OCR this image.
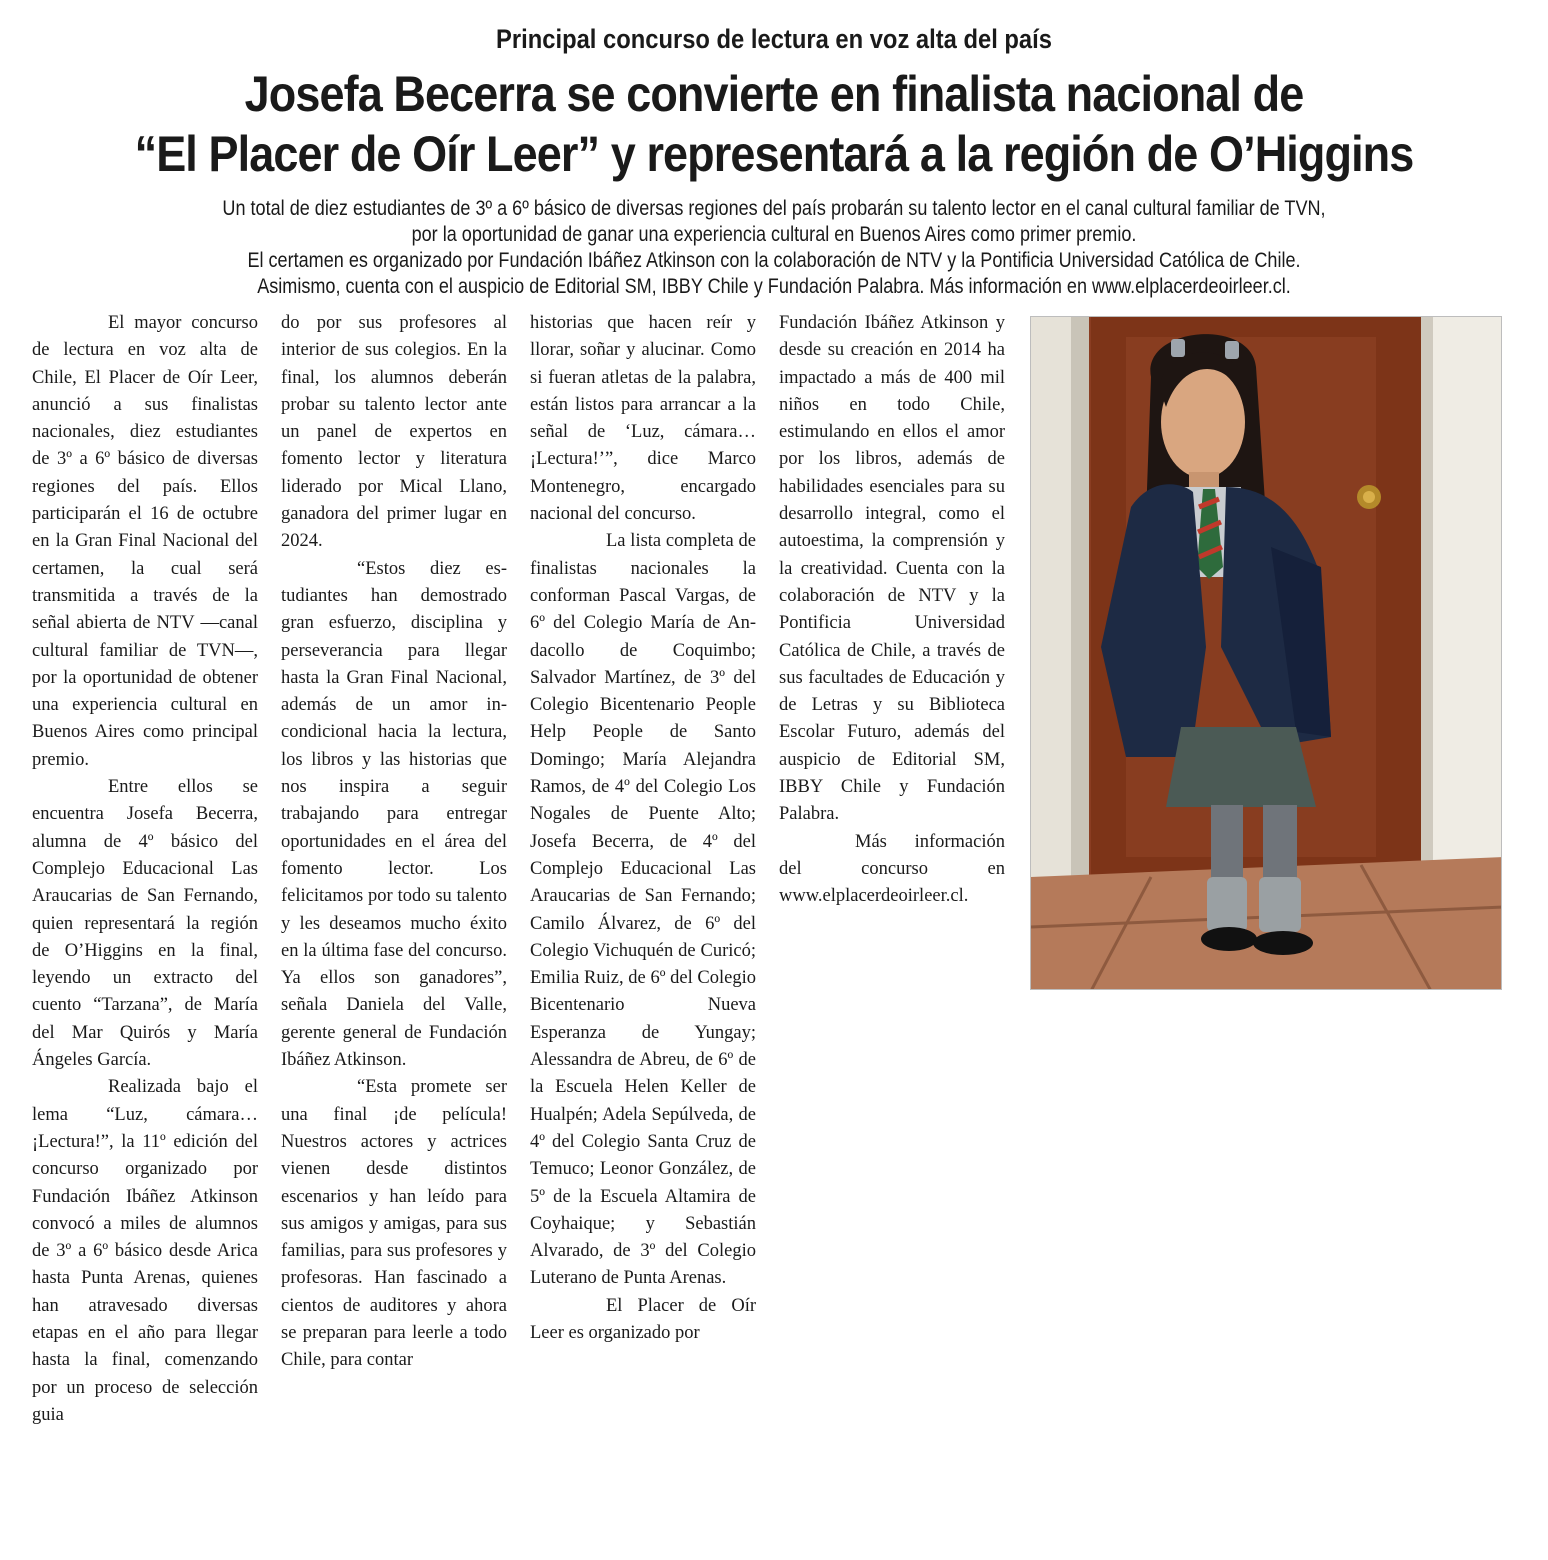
Principal concurso de lectura en voz alta del país
Josefa Becerra se convierte en finalista nacional de
“El Placer de Oír Leer” y representará a la región de O’Higgins
Un total de diez estudiantes de 3º a 6º básico de diversas regiones del país probarán su talento lector en el canal cultural familiar de TVN,
por la oportunidad de ganar una experiencia cultural en Buenos Aires como primer premio.
El certamen es organizado por Fundación Ibáñez Atkinson con la colaboración de NTV y la Pontificia Universidad Católica de Chile.
Asimismo, cuenta con el auspicio de Editorial SM, IBBY Chile y Fundación Palabra. Más información en www.elplacerdeoirleer.cl.

El mayor concurso de lectura en voz alta de Chile, El Placer de Oír Leer, anunció a sus finalistas nacionales, diez estudiantes de 3º a 6º básico de diversas regiones del país. Ellos participarán el 16 de octubre en la Gran Final Nacional del certamen, la cual será transmitida a través de la señal abierta de NTV —canal cultural familiar de TVN—, por la oportunidad de obtener una experiencia cultural en Buenos Aires como principal premio.

Entre ellos se encuentra Josefa Becerra, alumna de 4º básico del Complejo Educacional Las Araucarias de San Fernando, quien representará la región de O’Higgins en la final, leyendo un extracto del cuento “Tarzana”, de María del Mar Quirós y María Ángeles García.

Realizada bajo el lema “Luz, cámara… ¡Lectura!”, la 11º edición del concurso organizado por Fundación Ibáñez Atkinson convocó a miles de alumnos de 3º a 6º básico desde Arica hasta Punta Arenas, quienes han atravesado diversas etapas en el año para llegar hasta la final, comenzando por un proceso de selección guia

do por sus profesores al interior de sus colegios. En la final, los alumnos deberán probar su talento lector ante un panel de expertos en fomento lector y literatura liderado por Mical Llano, ganadora del primer lugar en 2024.

“Estos diez estudiantes han demostrado gran esfuerzo, disciplina y perseverancia para llegar hasta la Gran Final Nacional, además de un amor incondicional hacia la lectura, los libros y las historias que nos inspira a seguir trabajando para entregar oportunidades en el área del fomento lector. Los felicitamos por todo su talento y les deseamos mucho éxito en la última fase del concurso. Ya ellos son ganadores”, señala Daniela del Valle, gerente general de Fundación Ibáñez Atkinson.

“Esta promete ser una final ¡de película! Nuestros actores y actrices vienen desde distintos escenarios y han leído para sus amigos y amigas, para sus familias, para sus profesores y profesoras. Han fascinado a cientos de auditores y ahora se preparan para leerle a todo Chile, para contar

historias que hacen reír y llorar, soñar y alucinar. Como si fueran atletas de la palabra, están listos para arrancar a la señal de ‘Luz, cámara… ¡Lectura!’”, dice Marco Montenegro, encargado nacional del concurso.

La lista completa de finalistas nacionales la conforman Pascal Vargas, de 6º del Colegio María de Andacollo de Coquimbo; Salvador Martínez, de 3º del Colegio Bicentenario People Help People de Santo Domingo; María Alejandra Ramos, de 4º del Colegio Los Nogales de Puente Alto; Josefa Becerra, de 4º del Complejo Educacional Las Araucarias de San Fernando; Camilo Álvarez, de 6º del Colegio Vichuquén de Curicó; Emilia Ruiz, de 6º del Colegio Bicentenario Nueva Esperanza de Yungay; Alessandra de Abreu, de 6º de la Escuela Helen Keller de Hualpén; Adela Sepúlveda, de 4º del Colegio Santa Cruz de Temuco; Leonor González, de 5º de la Escuela Altamira de Coyhaique; y Sebastián Alvarado, de 3º del Colegio Luterano de Punta Arenas.

El Placer de Oír Leer es organizado por

Fundación Ibáñez Atkinson y desde su creación en 2014 ha impactado a más de 400 mil niños en todo Chile, estimulando en ellos el amor por los libros, además de habilidades esenciales para su desarrollo integral, como el autoestima, la comprensión y la creatividad. Cuenta con la colaboración de NTV y la Pontificia Universidad Católica de Chile, a través de sus facultades de Educación y de Letras y su Biblioteca Escolar Futuro, además del auspicio de Editorial SM, IBBY Chile y Fundación Palabra.

Más información del concurso en www.elplacerdeoirleer.cl.
